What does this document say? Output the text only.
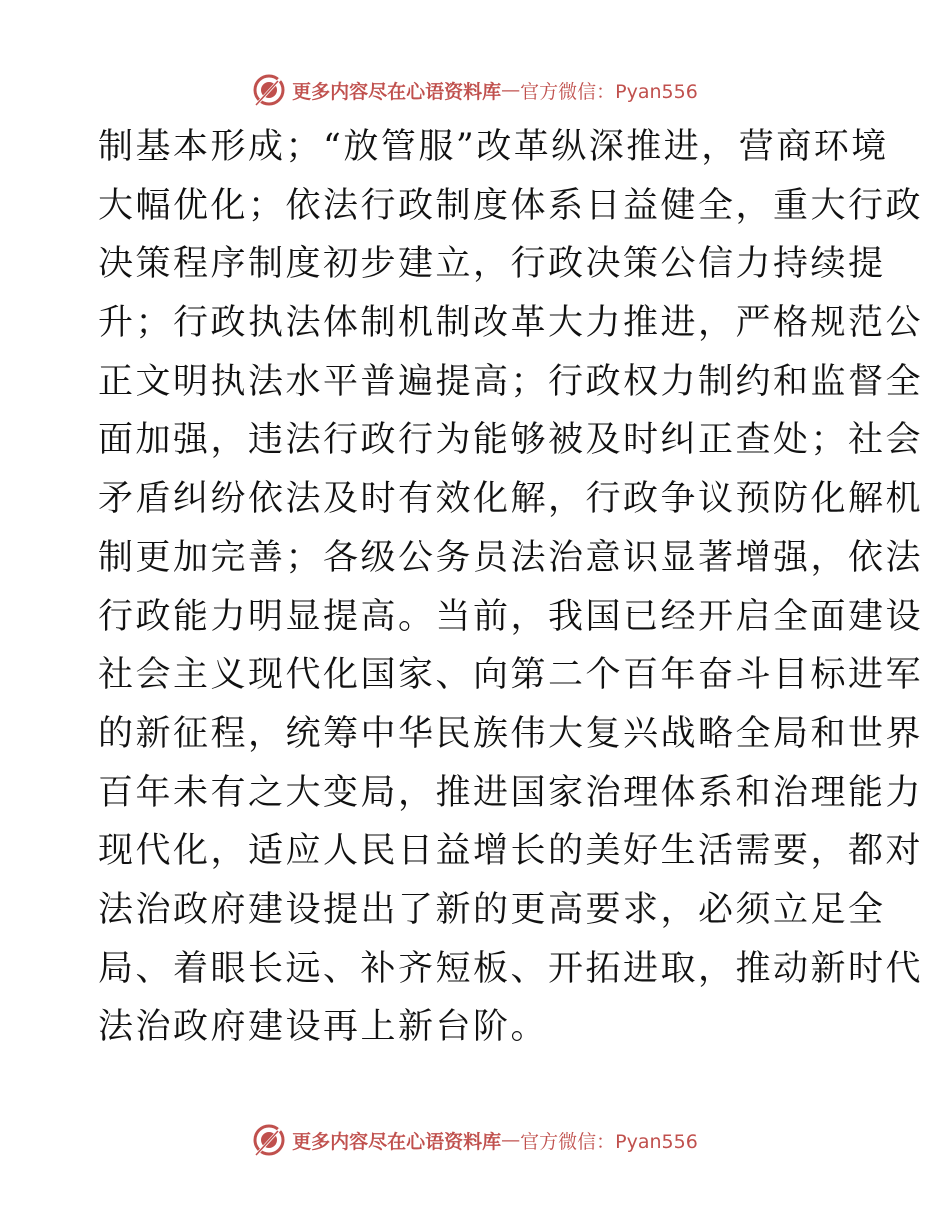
更多内容尽在心语资料库 — 官方微信：Pyan556
制基本形成；“放管服”改革纵深推进，营商环境
大幅优化；依法行政制度体系日益健全，重大行政
决策程序制度初步建立，行政决策公信力持续提
升；行政执法体制机制改革大力推进，严格规范公
正文明执法水平普遍提高；行政权力制约和监督全
面加强，违法行政行为能够被及时纠正查处；社会
矛盾纠纷依法及时有效化解，行政争议预防化解机
制更加完善；各级公务员法治意识显著增强，依法
行政能力明显提高。当前，我国已经开启全面建设
社会主义现代化国家、向第二个百年奋斗目标进军
的新征程，统筹中华民族伟大复兴战略全局和世界
百年未有之大变局，推进国家治理体系和治理能力
现代化，适应人民日益增长的美好生活需要，都对
法治政府建设提出了新的更高要求，必须立足全
局、着眼长远、补齐短板、开拓进取，推动新时代
法治政府建设再上新台阶。
更多内容尽在心语资料库 — 官方微信：Pyan556
